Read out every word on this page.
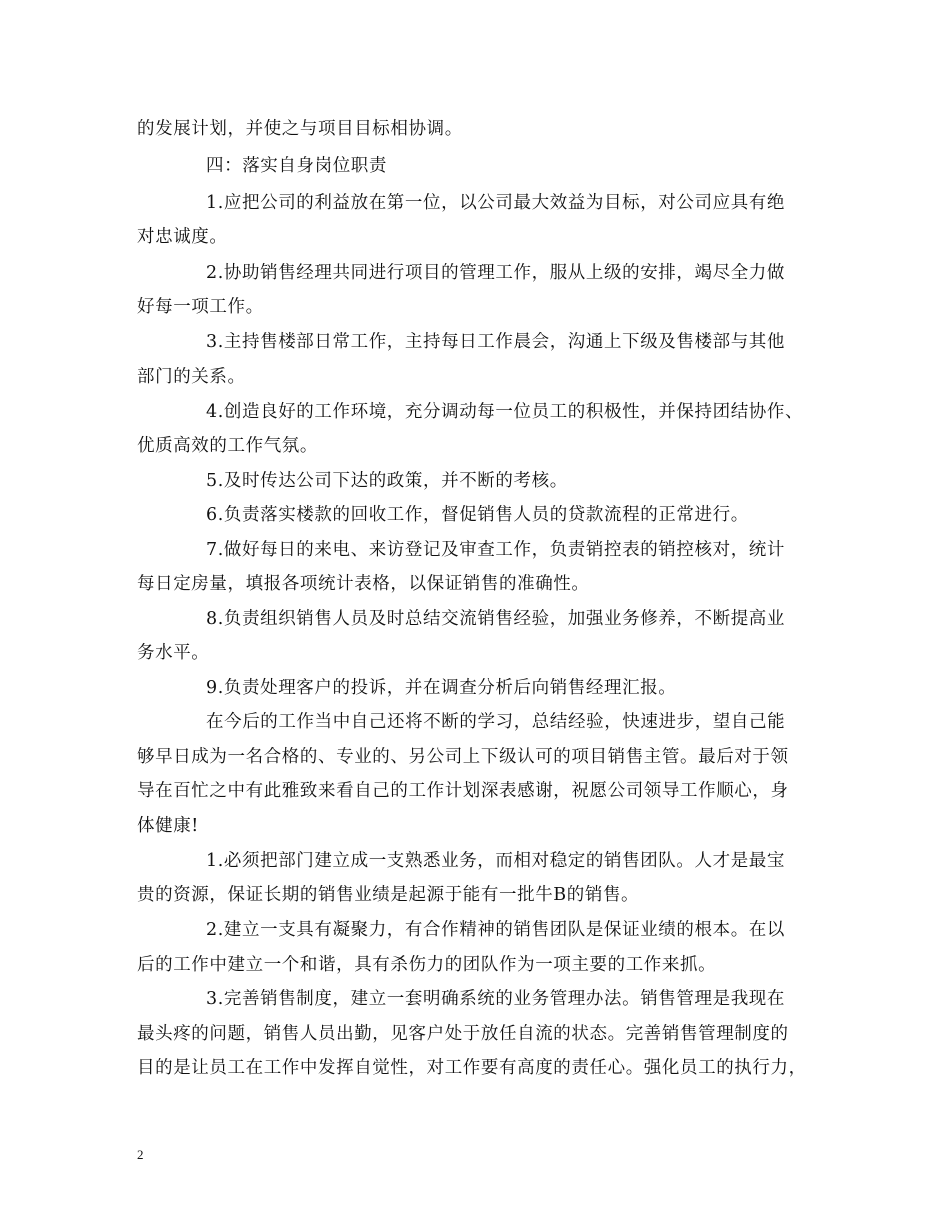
的发展计划，并使之与项目目标相协调。
四：落实自身岗位职责
1.应把公司的利益放在第一位，以公司最大效益为目标，对公司应具有绝
对忠诚度。
2.协助销售经理共同进行项目的管理工作，服从上级的安排，竭尽全力做
好每一项工作。
3.主持售楼部日常工作，主持每日工作晨会，沟通上下级及售楼部与其他
部门的关系。
4.创造良好的工作环境，充分调动每一位员工的积极性，并保持团结协作、
优质高效的工作气氛。
5.及时传达公司下达的政策，并不断的考核。
6.负责落实楼款的回收工作，督促销售人员的贷款流程的正常进行。
7.做好每日的来电、来访登记及审查工作，负责销控表的销控核对，统计
每日定房量，填报各项统计表格，以保证销售的准确性。
8.负责组织销售人员及时总结交流销售经验，加强业务修养，不断提高业
务水平。
9.负责处理客户的投诉，并在调查分析后向销售经理汇报。
在今后的工作当中自己还将不断的学习，总结经验，快速进步，望自己能
够早日成为一名合格的、专业的、另公司上下级认可的项目销售主管。最后对于领
导在百忙之中有此雅致来看自己的工作计划深表感谢，祝愿公司领导工作顺心，身
体健康!
1.必须把部门建立成一支熟悉业务，而相对稳定的销售团队。人才是最宝
贵的资源，保证长期的销售业绩是起源于能有一批牛B的销售。
2.建立一支具有凝聚力，有合作精神的销售团队是保证业绩的根本。在以
后的工作中建立一个和谐，具有杀伤力的团队作为一项主要的工作来抓。
3.完善销售制度，建立一套明确系统的业务管理办法。销售管理是我现在
最头疼的问题，销售人员出勤，见客户处于放任自流的状态。完善销售管理制度的
目的是让员工在工作中发挥自觉性，对工作要有高度的责任心。强化员工的执行力，
2
